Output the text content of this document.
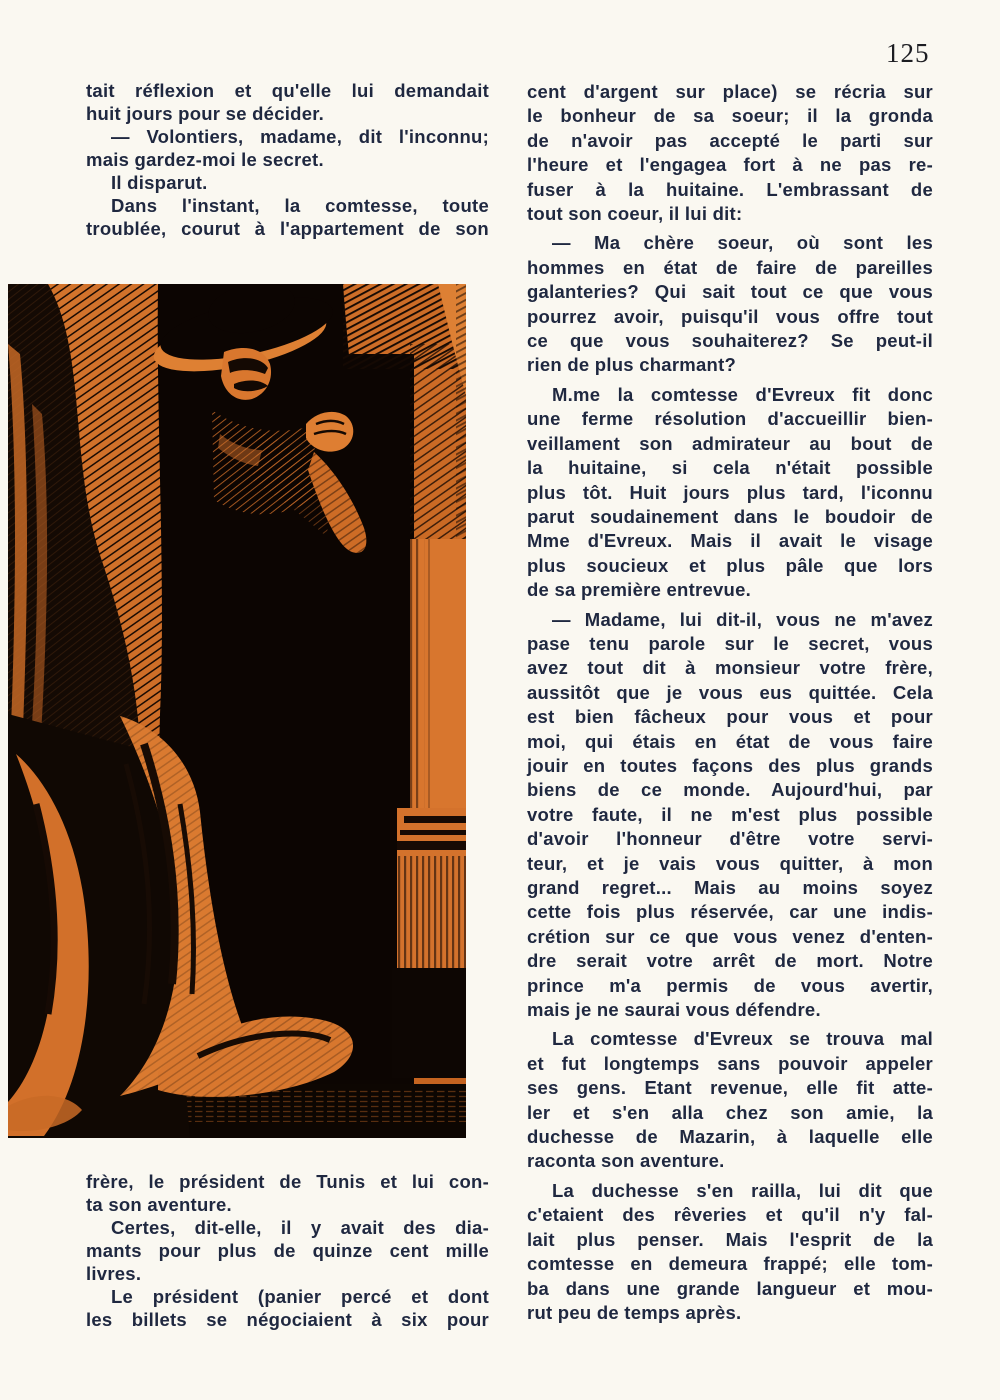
125
tait réflexion et qu'elle lui demandait
huit jours pour se décider.
— Volontiers, madame, dit l'inconnu;
mais gardez-moi le secret.
Il disparut.
Dans l'instant, la comtesse, toute
troublée, courut à l'appartement de son
frère, le président de Tunis et lui con-
ta son aventure.
Certes, dit-elle, il y avait des dia-
mants pour plus de quinze cent mille
livres.
Le président (panier percé et dont
les billets se négociaient à six pour
cent d'argent sur place) se récria sur
le bonheur de sa soeur; il la gronda
de n'avoir pas accepté le parti sur
l'heure et l'engagea fort à ne pas re-
fuser à la huitaine. L'embrassant de
tout son coeur, il lui dit:
— Ma chère soeur, où sont les
hommes en état de faire de pareilles
galanteries? Qui sait tout ce que vous
pourrez avoir, puisqu'il vous offre tout
ce que vous souhaiterez? Se peut-il
rien de plus charmant?
M.me la comtesse d'Evreux fit donc
une ferme résolution d'accueillir bien-
veillament son admirateur au bout de
la huitaine, si cela n'était possible
plus tôt. Huit jours plus tard, l'iconnu
parut soudainement dans le boudoir de
Mme d'Evreux. Mais il avait le visage
plus soucieux et plus pâle que lors
de sa première entrevue.
— Madame, lui dit-il, vous ne m'avez
pase tenu parole sur le secret, vous
avez tout dit à monsieur votre frère,
aussitôt que je vous eus quittée. Cela
est bien fâcheux pour vous et pour
moi, qui étais en état de vous faire
jouir en toutes façons des plus grands
biens de ce monde. Aujourd'hui, par
votre faute, il ne m'est plus possible
d'avoir l'honneur d'être votre servi-
teur, et je vais vous quitter, à mon
grand regret... Mais au moins soyez
cette fois plus réservée, car une indis-
crétion sur ce que vous venez d'enten-
dre serait votre arrêt de mort. Notre
prince m'a permis de vous avertir,
mais je ne saurai vous défendre.
La comtesse d'Evreux se trouva mal
et fut longtemps sans pouvoir appeler
ses gens. Etant revenue, elle fit atte-
ler et s'en alla chez son amie, la
duchesse de Mazarin, à laquelle elle
raconta son aventure.
La duchesse s'en railla, lui dit que
c'etaient des rêveries et qu'il n'y fal-
lait plus penser. Mais l'esprit de la
comtesse en demeura frappé; elle tom-
ba dans une grande langueur et mou-
rut peu de temps après.
